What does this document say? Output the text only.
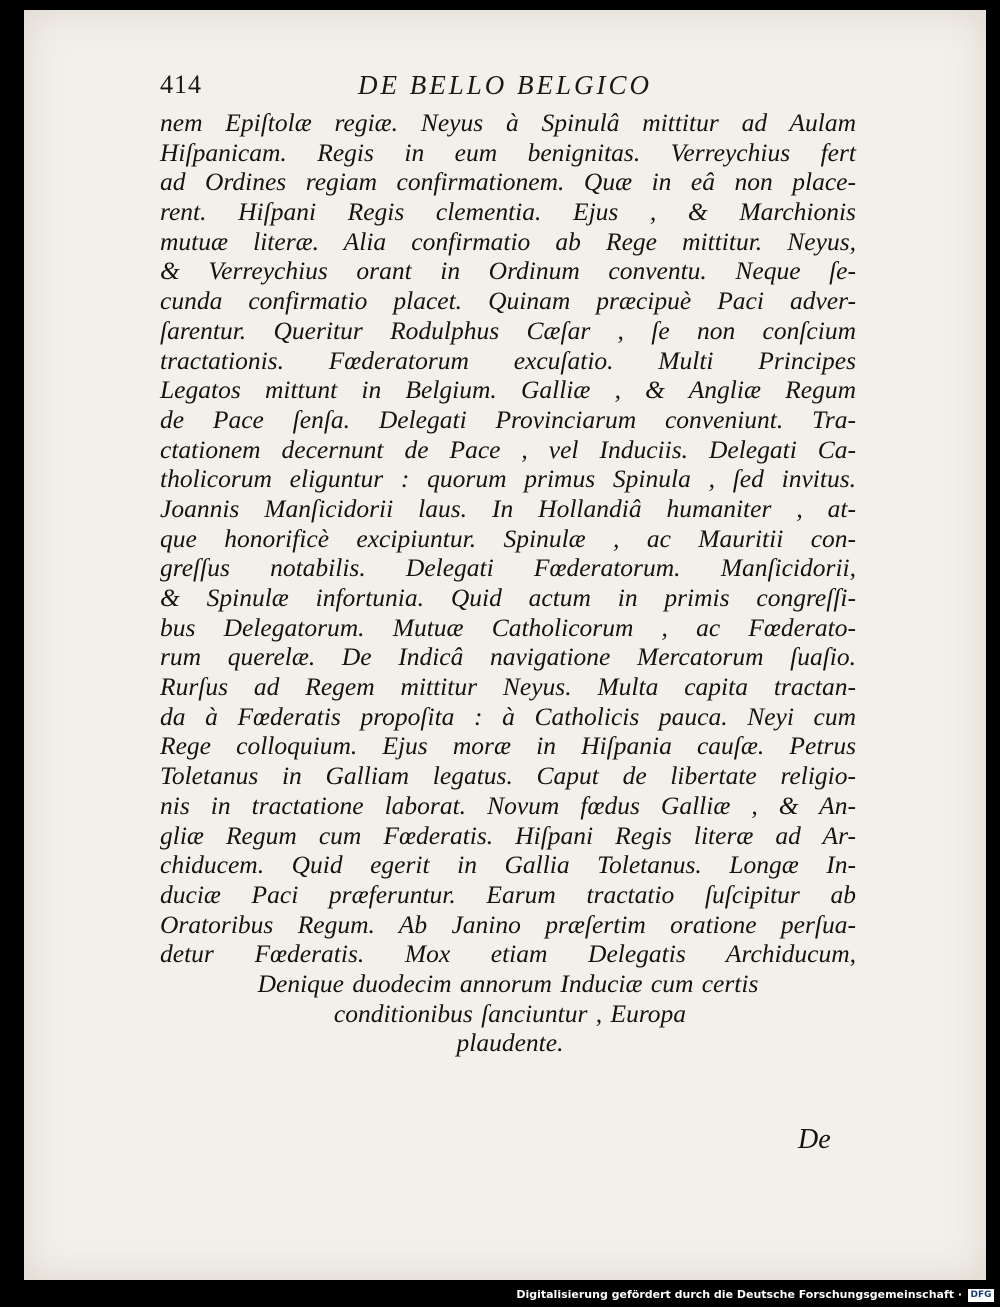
414	DE BELLO BELGICO
nem Epiſtolæ regiæ. Neyus à Spinulâ mittitur ad Aulam
Hiſpanicam. Regis in eum benignitas. Verreychius fert
ad Ordines regiam confirmationem. Quæ in eâ non place-
rent. Hiſpani Regis clementia. Ejus , & Marchionis
mutuæ literæ. Alia confirmatio ab Rege mittitur. Neyus,
& Verreychius orant in Ordinum conventu. Neque ſe-
cunda confirmatio placet. Quinam præcipuè Paci adver-
ſarentur. Queritur Rodulphus Cæſar , ſe non conſcium
tractationis. Fœderatorum excuſatio. Multi Principes
Legatos mittunt in Belgium. Galliæ , & Angliæ Regum
de Pace ſenſa. Delegati Provinciarum conveniunt. Tra-
ctationem decernunt de Pace , vel Induciis. Delegati Ca-
tholicorum eliguntur : quorum primus Spinula , ſed invitus.
Joannis Manſicidorii laus. In Hollandiâ humaniter , at-
que honorificè excipiuntur. Spinulæ , ac Mauritii con-
greſſus notabilis. Delegati Fœderatorum. Manſicidorii,
& Spinulæ infortunia. Quid actum in primis congreſſi-
bus Delegatorum. Mutuæ Catholicorum , ac Fœderato-
rum querelæ. De Indicâ navigatione Mercatorum ſuaſio.
Rurſus ad Regem mittitur Neyus. Multa capita tractan-
da à Fœderatis propoſita : à Catholicis pauca. Neyi cum
Rege colloquium. Ejus moræ in Hiſpania cauſæ. Petrus
Toletanus in Galliam legatus. Caput de libertate religio-
nis in tractatione laborat. Novum fœdus Galliæ , & An-
gliæ Regum cum Fœderatis. Hiſpani Regis literæ ad Ar-
chiducem. Quid egerit in Gallia Toletanus. Longæ In-
duciæ Paci præferuntur. Earum tractatio ſuſcipitur ab
Oratoribus Regum. Ab Janino præſertim oratione perſua-
detur Fœderatis. Mox etiam Delegatis Archiducum,
Denique duodecim annorum Induciæ cum certis
conditionibus ſanciuntur , Europa
plaudente.
De
Digitalisierung gefördert durch die Deutsche Forschungsgemeinschaft · DFG
